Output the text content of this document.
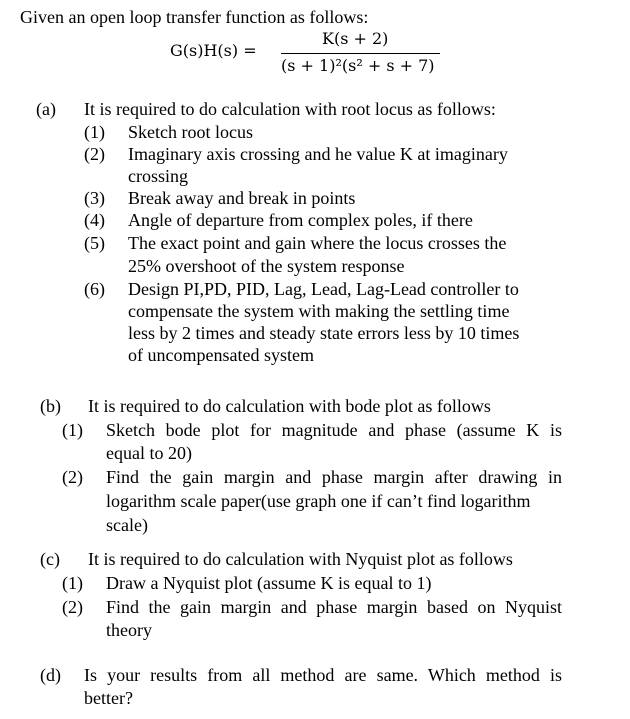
Given an open loop transfer function as follows:
G(s)H(s) =
K(s + 2)
(s + 1)²(s² + s + 7)
(a) It is required to do calculation with root locus as follows:
(1) Sketch root locus
(2) Imaginary axis crossing and he value K at imaginary
crossing
(3) Break away and break in points
(4) Angle of departure from complex poles, if there
(5) The exact point and gain where the locus crosses the
25% overshoot of the system response
(6) Design PI,PD, PID, Lag, Lead, Lag-Lead controller to
compensate the system with making the settling time
less by 2 times and steady state errors less by 10 times
of uncompensated system
(b) It is required to do calculation with bode plot as follows
(1) Sketch bode plot for magnitude and phase (assume K is
equal to 20)
(2) Find the gain margin and phase margin after drawing in
logarithm scale paper(use graph one if can’t find logarithm
scale)
(c) It is required to do calculation with Nyquist plot as follows
(1) Draw a Nyquist plot (assume K is equal to 1)
(2) Find the gain margin and phase margin based on Nyquist
theory
(d) Is your results from all method are same. Which method is
better?
